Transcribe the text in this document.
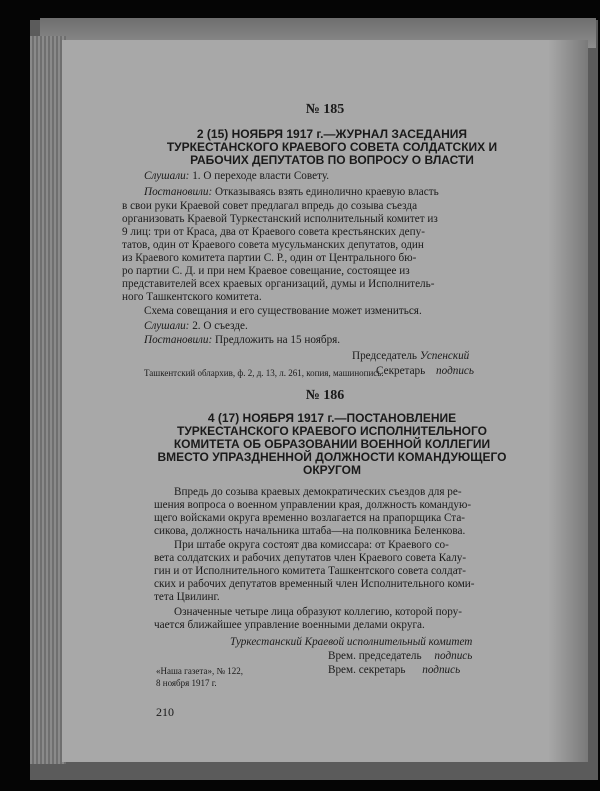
№ 185
2 (15) НОЯБРЯ 1917 г.—ЖУРНАЛ ЗАСЕДАНИЯ
ТУРКЕСТАНСКОГО КРАЕВОГО СОВЕТА СОЛДАТСКИХ И
РАБОЧИХ ДЕПУТАТОВ ПО ВОПРОСУ О ВЛАСТИ
Слушали: 1. О переходе власти Совету.
Постановили: Отказываясь взять единолично краевую власть
в свои руки Краевой совет предлагал впредь до созыва съезда
организовать Краевой Туркестанский исполнительный комитет из
9 лиц: три от Краса, два от Краевого совета крестьянских депу-
татов, один от Краевого совета мусульманских депутатов, один
из Краевого комитета партии С. Р., один от Центрального бю-
ро партии С. Д. и при нем Краевое совещание, состоящее из
представителей всех краевых организаций, думы и Исполнитель-
ного Ташкентского комитета.
Схема совещания и его существование может измениться.
Слушали: 2. О съезде.
Постановили: Предложить на 15 ноября.
Председатель Успенский
Секретарь подпись
Ташкентский облархив, ф. 2, д. 13, л. 261, копия, машинопись.
№ 186
4 (17) НОЯБРЯ 1917 г.—ПОСТАНОВЛЕНИЕ
ТУРКЕСТАНСКОГО КРАЕВОГО ИСПОЛНИТЕЛЬНОГО
КОМИТЕТА ОБ ОБРАЗОВАНИИ ВОЕННОЙ КОЛЛЕГИИ
ВМЕСТО УПРАЗДНЕННОЙ ДОЛЖНОСТИ КОМАНДУЮЩЕГО
ОКРУГОМ
Впредь до созыва краевых демократических съездов для ре-
шения вопроса о военном управлении края, должность командую-
щего войсками округа временно возлагается на прапорщика Ста-
сикова, должность начальника штаба—на полковника Беленкова.
При штабе округа состоят два комиссара: от Краевого со-
вета солдатских и рабочих депутатов член Краевого совета Калу-
гин и от Исполнительного комитета Ташкентского совета солдат-
ских и рабочих депутатов временный член Исполнительного коми-
тета Цвилинг.
Означенные четыре лица образуют коллегию, которой пору-
чается ближайшее управление военными делами округа.
Туркестанский Краевой исполнительный комитет
Врем. председатель подпись
Врем. секретарь подпись
«Наша газета», № 122,
8 ноября 1917 г.
210
